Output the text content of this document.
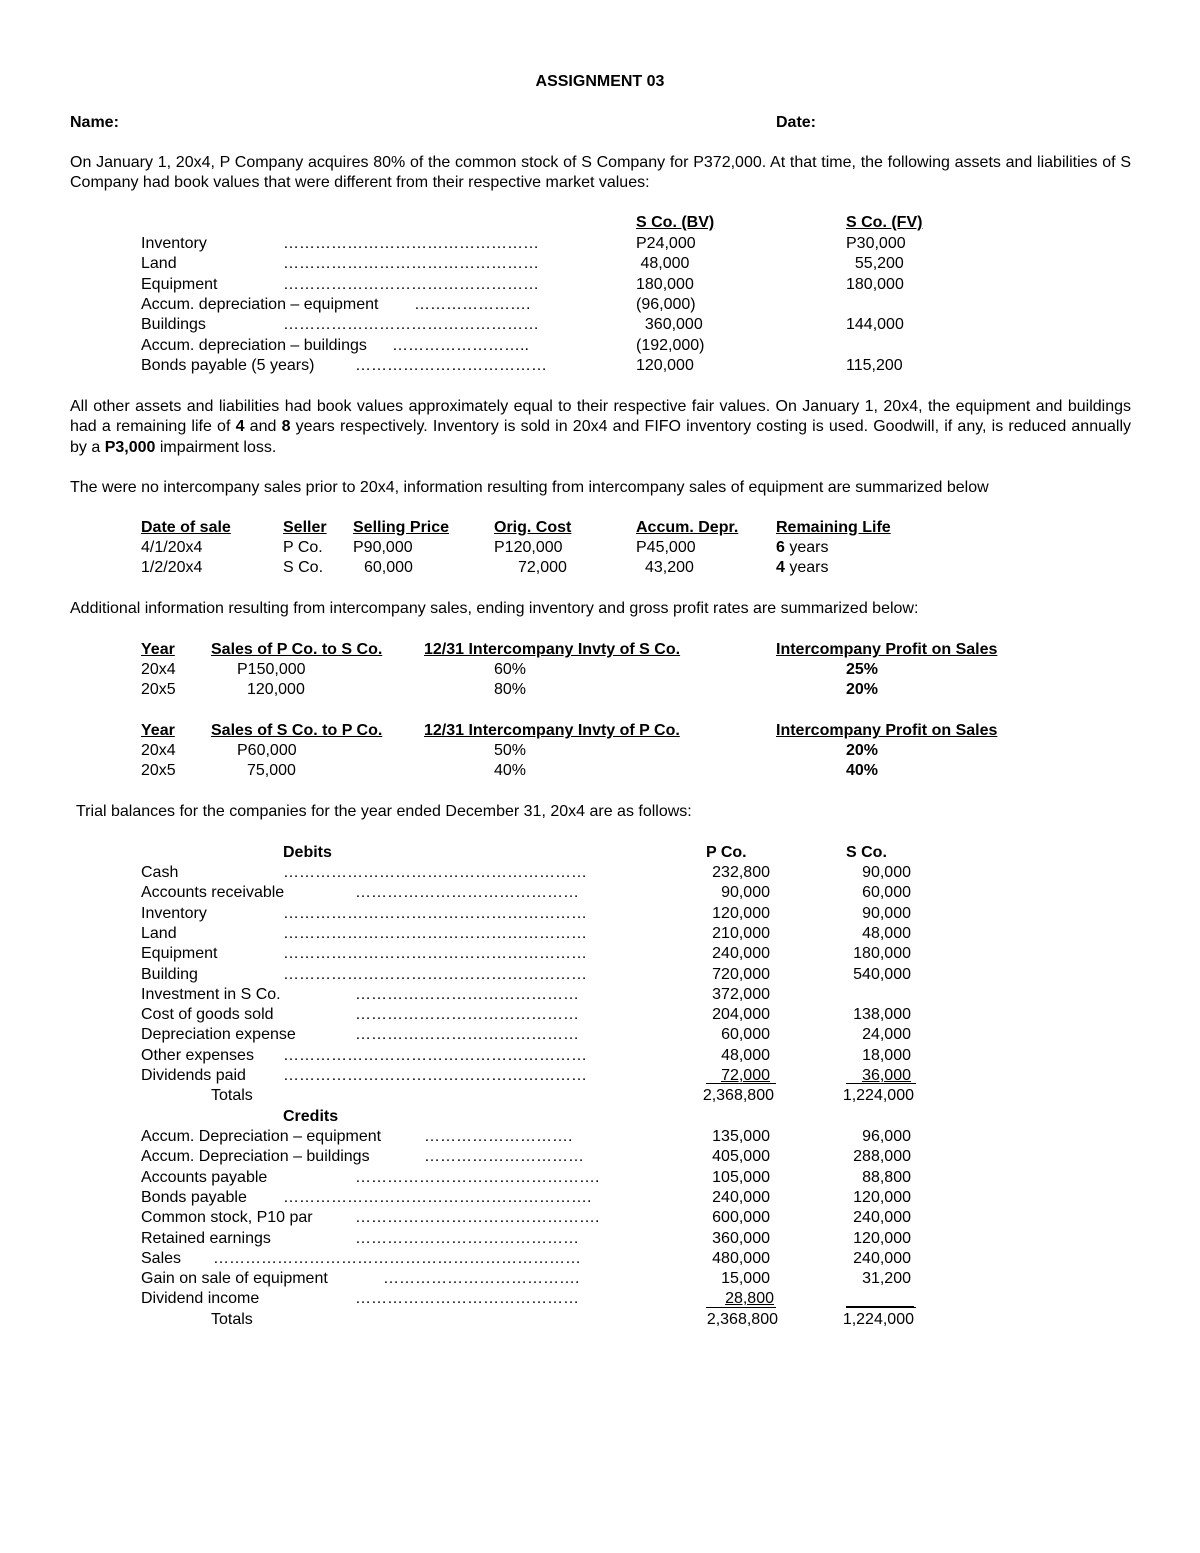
ASSIGNMENT 03
Name:	Date:
On January 1, 20x4, P Company acquires 80% of the common stock of S Company for P372,000. At that time, the following assets and liabilities of S Company had book values that were different from their respective market values:
S Co. (BV)	S Co. (FV)
Inventory	…………………………………………	P24,000	P30,000
Land	…………………………………………	48,000	55,200
Equipment	…………………………………………	180,000	180,000
Accum. depreciation – equipment ………………….	(96,000)
Buildings	…………………………………………	360,000	144,000
Accum. depreciation – buildings ……………………..	(192,000)
Bonds payable (5 years)	………………………………	120,000	115,200
All other assets and liabilities had book values approximately equal to their respective fair values. On January 1, 20x4, the equipment and buildings had a remaining life of 4 and 8 years respectively. Inventory is sold in 20x4 and FIFO inventory costing is used. Goodwill, if any, is reduced annually by a P3,000 impairment loss.
The were no intercompany sales prior to 20x4, information resulting from intercompany sales of equipment are summarized below
Date of sale	Seller Selling Price	Orig. Cost	Accum. Depr. Remaining Life
4/1/20x4	P Co. P90,000	P120,000	P45,000	6 years
1/2/20x4	S Co.	60,000	72,000	43,200	4 years
Additional information resulting from intercompany sales, ending inventory and gross profit rates are summarized below:
Year Sales of P Co. to S Co.	12/31 Intercompany Invty of S Co.	Intercompany Profit on Sales
20x4	P150,000	60%	25%
20x5	120,000	80%	20%
Year Sales of S Co. to P Co.	12/31 Intercompany Invty of P Co.	Intercompany Profit on Sales
20x4	P60,000	50%	20%
20x5	75,000	40%	40%
Trial balances for the companies for the year ended December 31, 20x4 are as follows:
Debits	P Co.	S Co.
Cash	…………………………………………………	232,800	90,000
Accounts receivable	……………………………………	90,000	60,000
Inventory	…………………………………………………	120,000	90,000
Land	…………………………………………………	210,000	48,000
Equipment	…………………………………………………	240,000	180,000
Building	…………………………………………………	720,000	540,000
Investment in S Co.	……………………………………	372,000
Cost of goods sold	……………………………………	204,000	138,000
Depreciation expense	……………………………………	60,000	24,000
Other expenses …………………………………………………	48,000	18,000
Dividends paid …………………………………………………	72,000	36,000
Totals	2,368,800	1,224,000
Credits
Accum. Depreciation – equipment	……………………….	135,000	96,000
Accum. Depreciation – buildings	…………………………	405,000	288,000
Accounts payable	……………………………………….	105,000	88,800
Bonds payable ………………………………………………….	240,000	120,000
Common stock, P10 par	……………………………………….	600,000	240,000
Retained earnings	……………………………………	360,000	120,000
Sales ……………………………………………………………	480,000	240,000
Gain on sale of equipment	……………………………….	15,000	31,200
Dividend income	……………………………………	28,800
Totals	2,368,800	1,224,000
